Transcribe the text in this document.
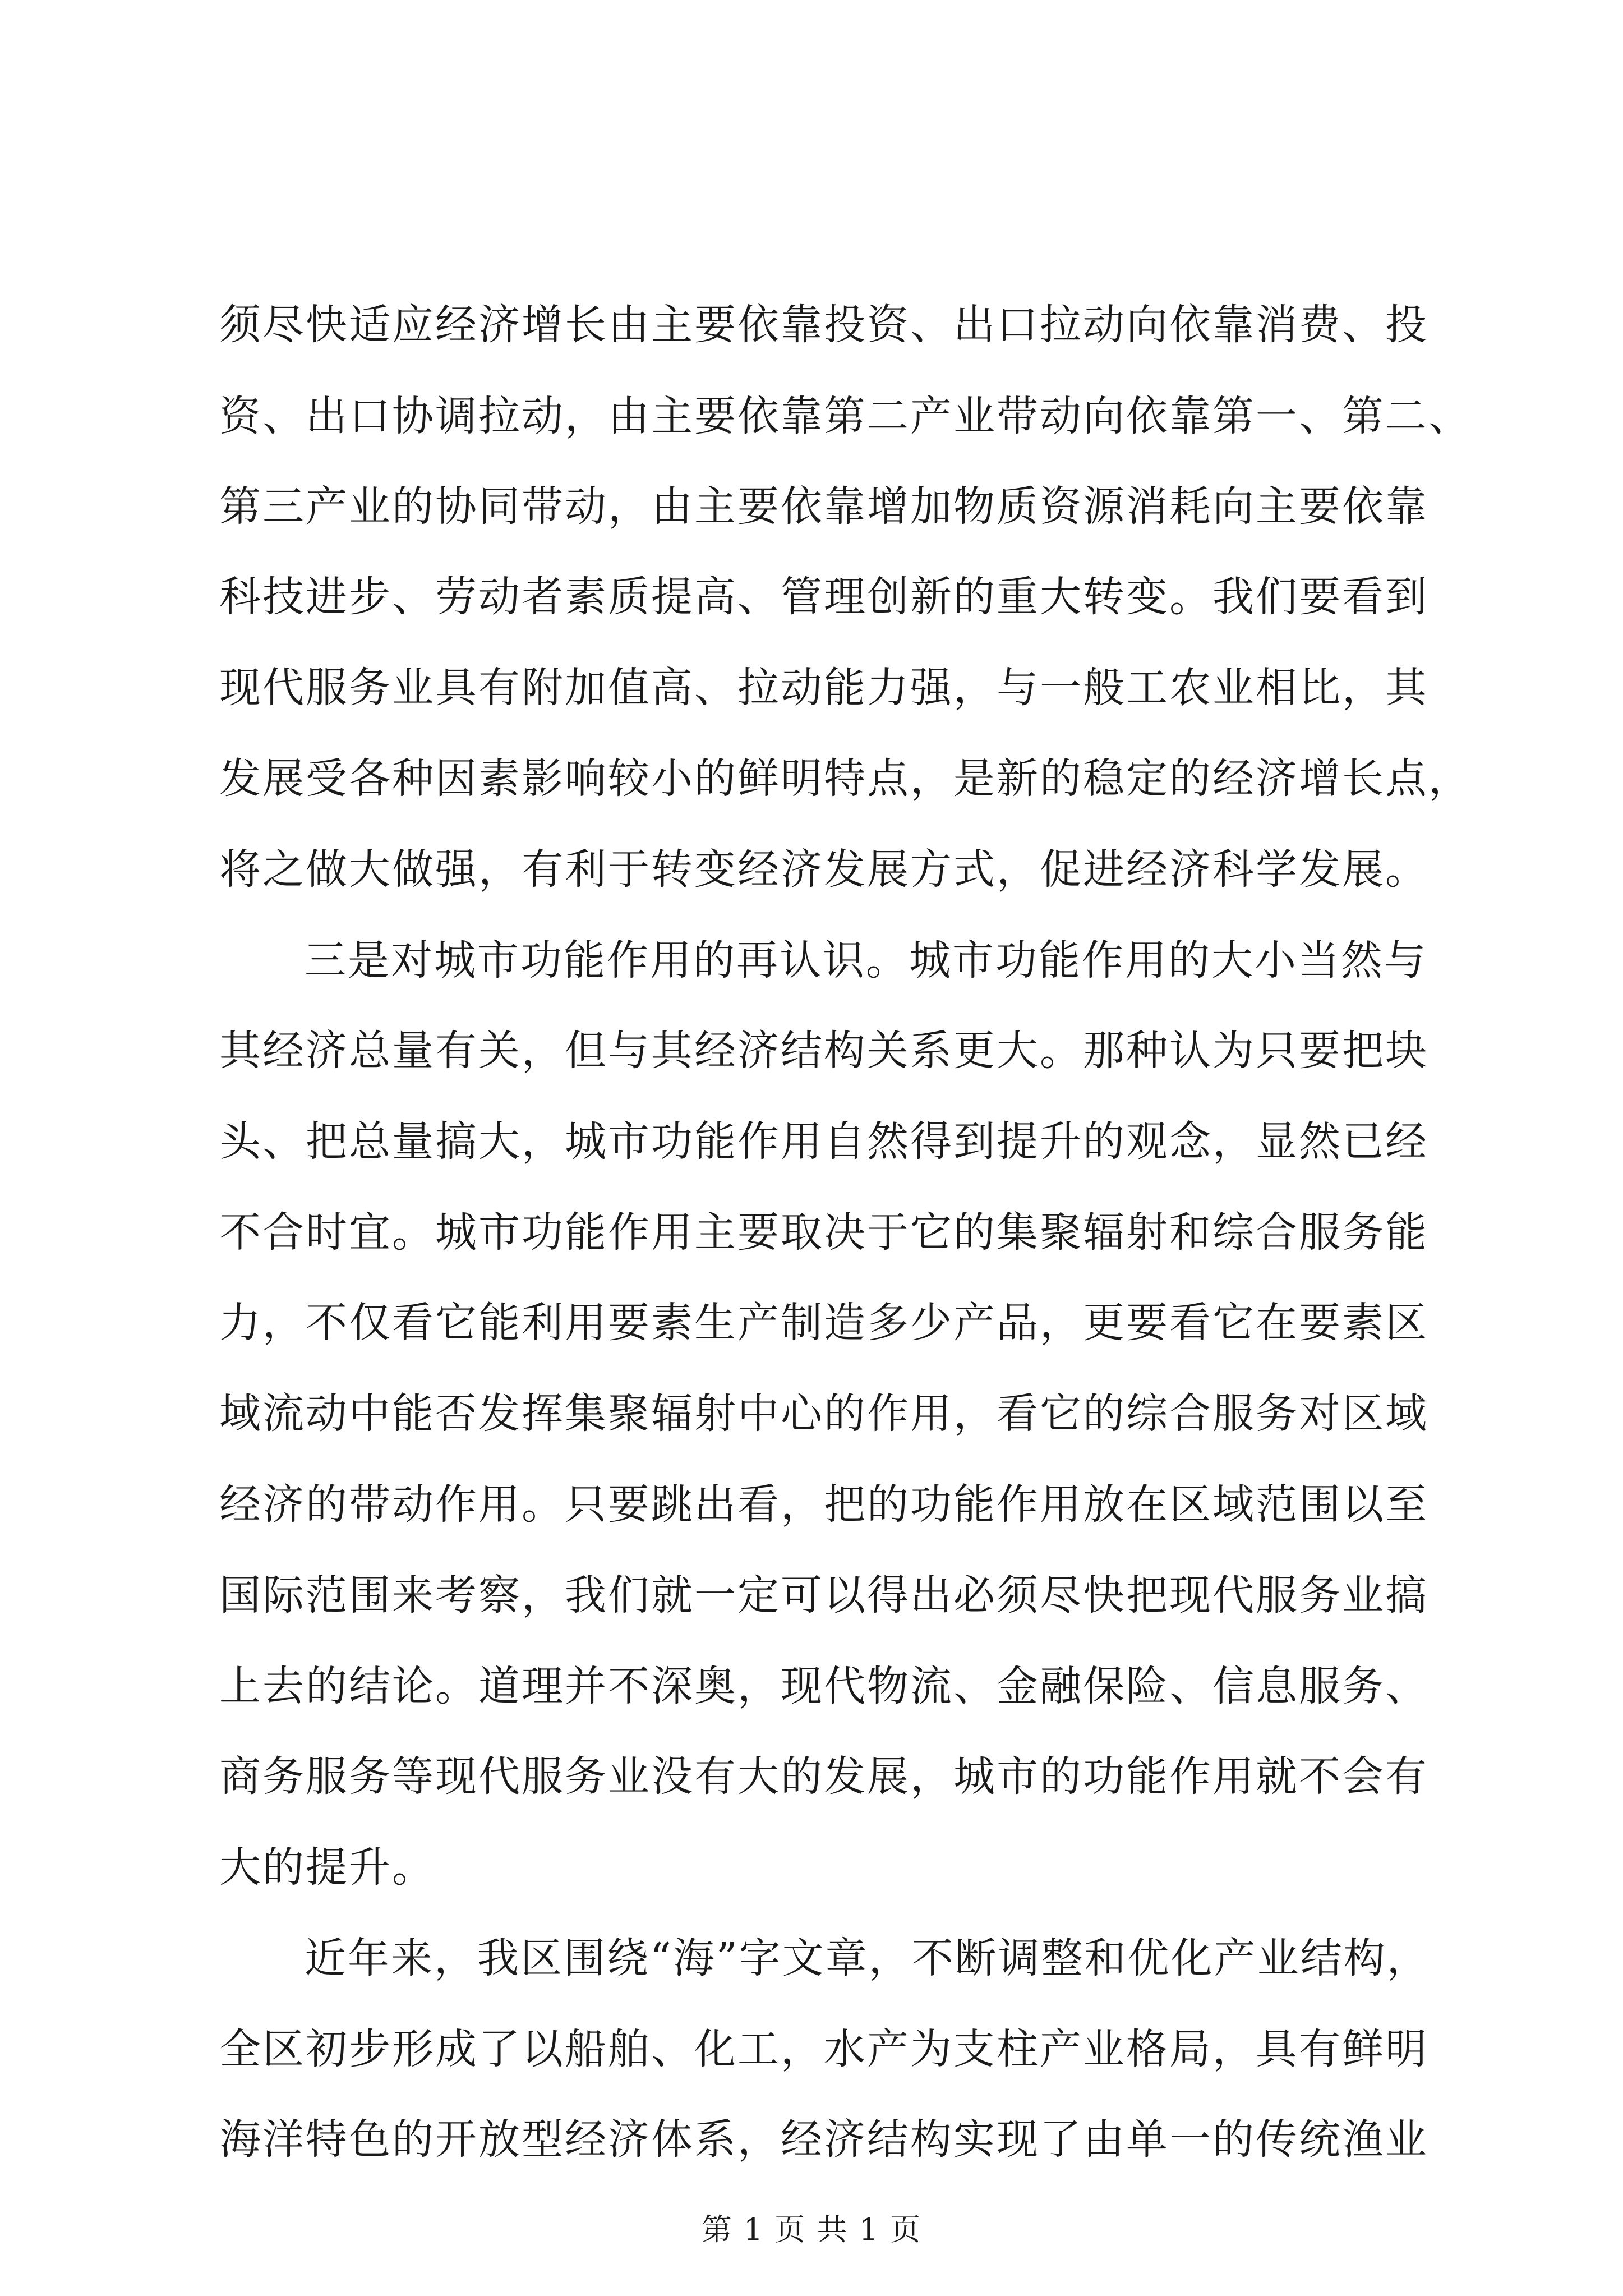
须尽快适应经济增长由主要依靠投资、出口拉动向依靠消费、投
资、出口协调拉动，由主要依靠第二产业带动向依靠第一、第二、
第三产业的协同带动，由主要依靠增加物质资源消耗向主要依靠
科技进步、劳动者素质提高、管理创新的重大转变。我们要看到
现代服务业具有附加值高、拉动能力强，与一般工农业相比，其
发展受各种因素影响较小的鲜明特点，是新的稳定的经济增长点，
将之做大做强，有利于转变经济发展方式，促进经济科学发展。
三是对城市功能作用的再认识。城市功能作用的大小当然与
其经济总量有关，但与其经济结构关系更大。那种认为只要把块
头、把总量搞大，城市功能作用自然得到提升的观念，显然已经
不合时宜。城市功能作用主要取决于它的集聚辐射和综合服务能
力，不仅看它能利用要素生产制造多少产品，更要看它在要素区
域流动中能否发挥集聚辐射中心的作用，看它的综合服务对区域
经济的带动作用。只要跳出看，把的功能作用放在区域范围以至
国际范围来考察，我们就一定可以得出必须尽快把现代服务业搞
上去的结论。道理并不深奥，现代物流、金融保险、信息服务、
商务服务等现代服务业没有大的发展，城市的功能作用就不会有
大的提升。
近年来，我区围绕“海”字文章，不断调整和优化产业结构，
全区初步形成了以船舶、化工，水产为支柱产业格局，具有鲜明
海洋特色的开放型经济体系，经济结构实现了由单一的传统渔业
第 1 页 共 1 页
